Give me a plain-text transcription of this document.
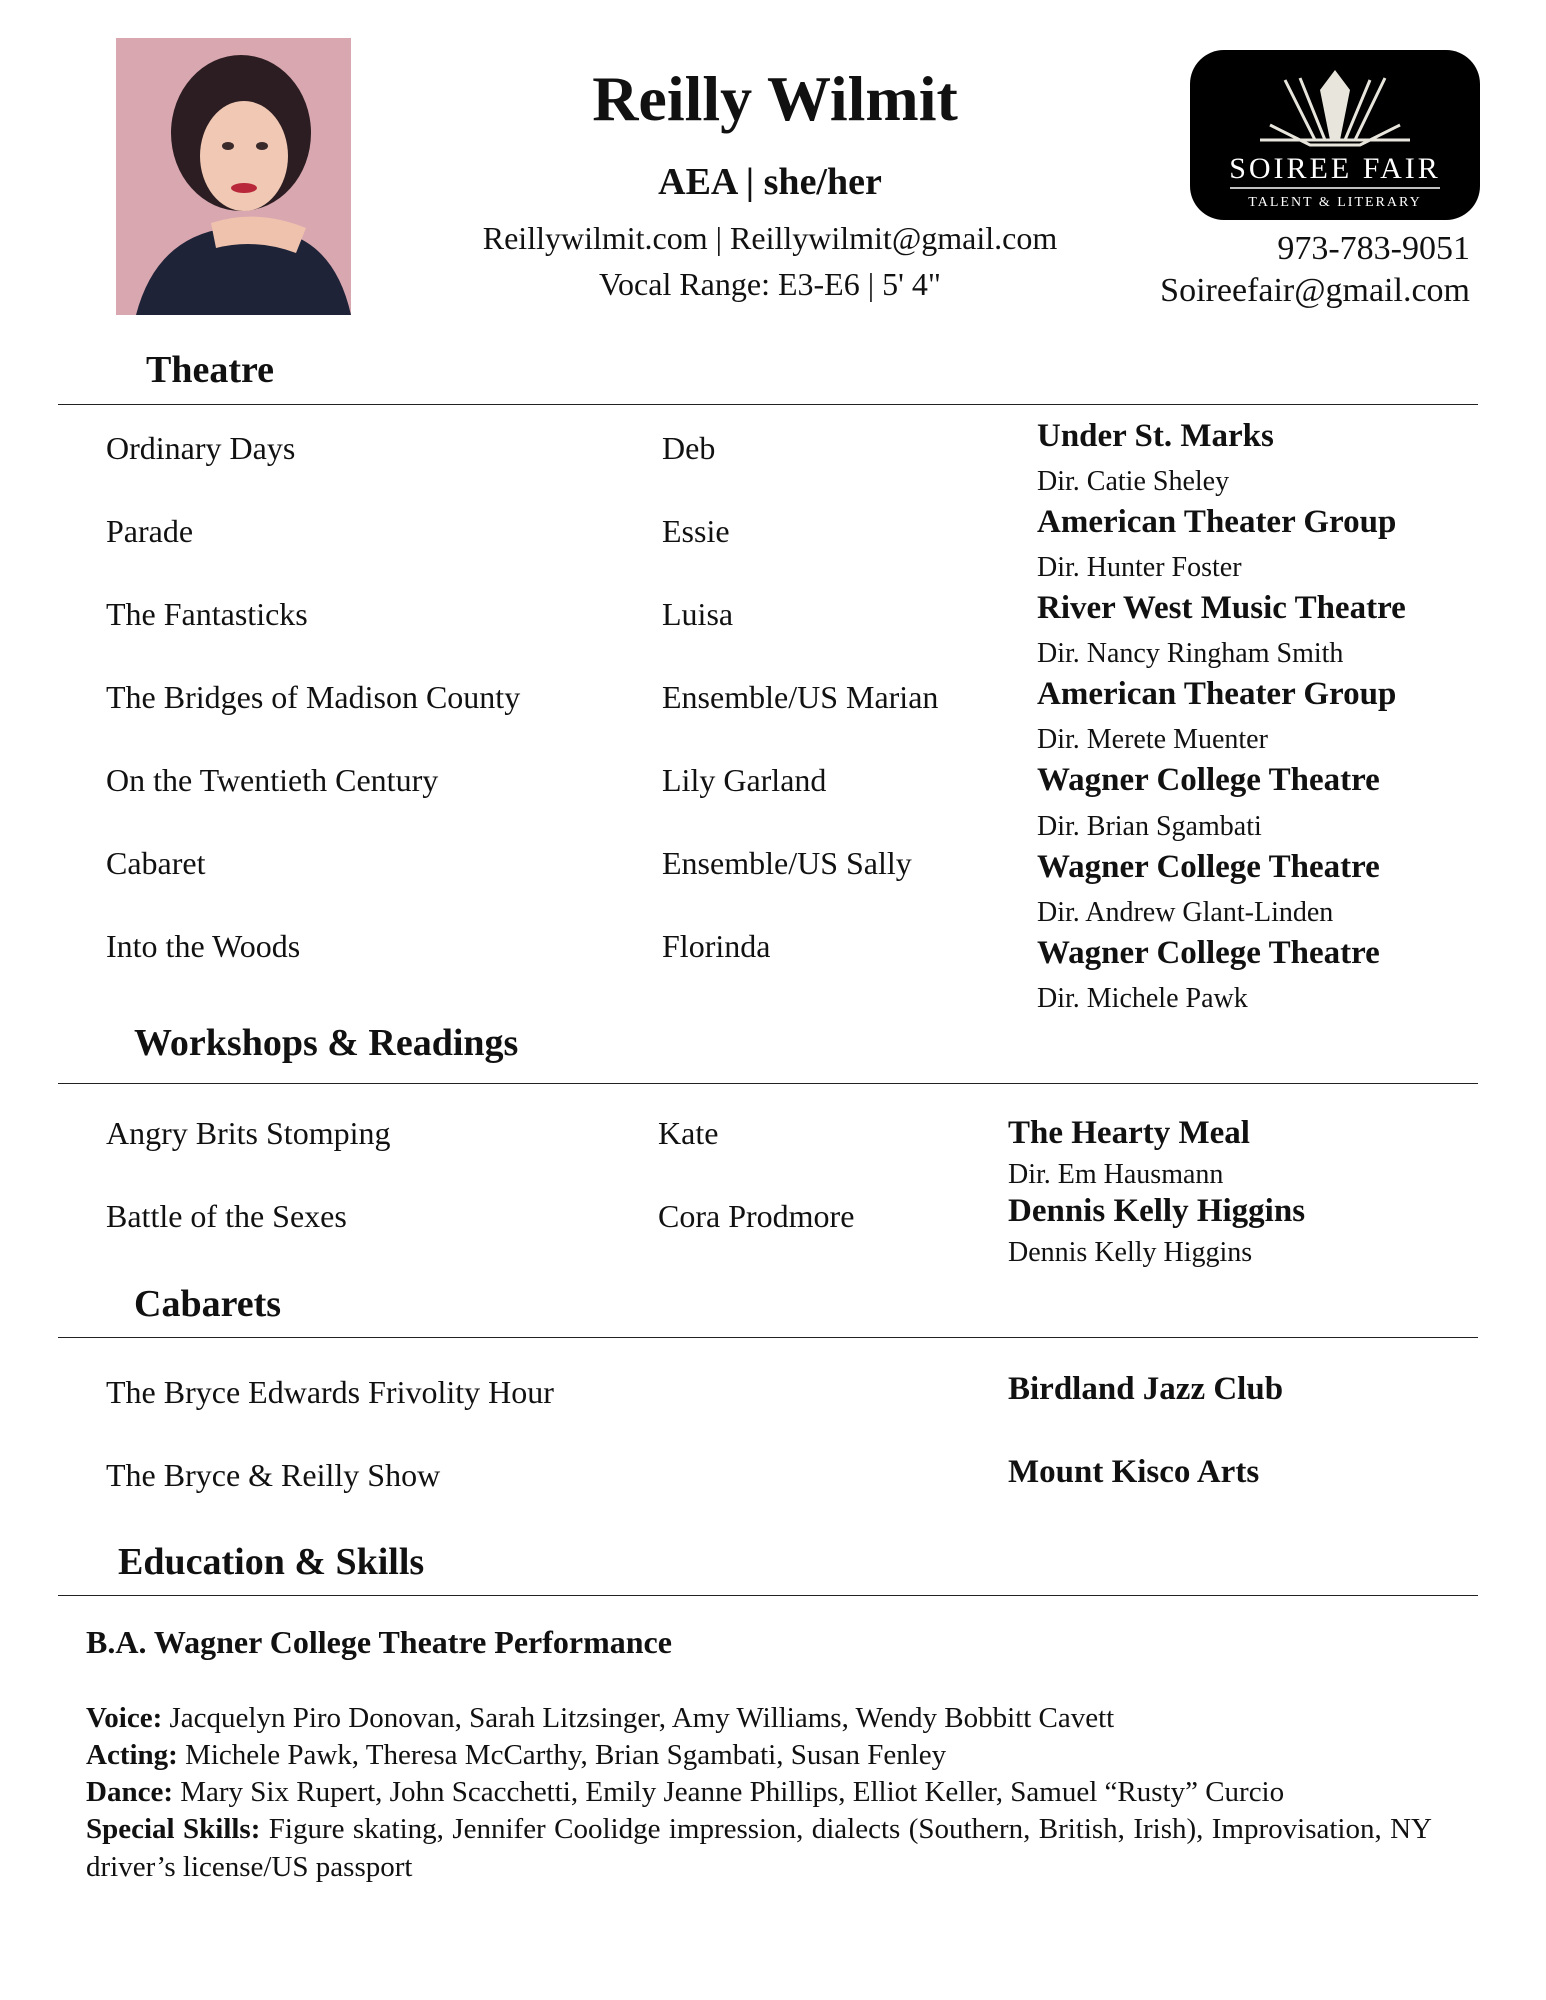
Reilly Wilmit
AEA | she/her
Reillywilmit.com | Reillywilmit@gmail.com
Vocal Range: E3-E6 | 5' 4"
SOIREE FAIR
TALENT & LITERARY
973-783-9051
Soireefair@gmail.com
Theatre
Ordinary Days	Deb	Under St. Marks
Dir. Catie Sheley
Parade	Essie	American Theater Group
Dir. Hunter Foster
The Fantasticks	Luisa	River West Music Theatre
Dir. Nancy Ringham Smith
The Bridges of Madison County	Ensemble/US Marian	American Theater Group
Dir. Merete Muenter
On the Twentieth Century	Lily Garland	Wagner College Theatre
Dir. Brian Sgambati
Cabaret	Ensemble/US Sally	Wagner College Theatre
Dir. Andrew Glant-Linden
Into the Woods	Florinda	Wagner College Theatre
Dir. Michele Pawk
Workshops & Readings
Angry Brits Stomping	Kate	The Hearty Meal
Dir. Em Hausmann
Battle of the Sexes	Cora Prodmore	Dennis Kelly Higgins
Dennis Kelly Higgins
Cabarets
The Bryce Edwards Frivolity Hour	Birdland Jazz Club
The Bryce & Reilly Show	Mount Kisco Arts
Education & Skills
B.A. Wagner College Theatre Performance
Voice: Jacquelyn Piro Donovan, Sarah Litzsinger, Amy Williams, Wendy Bobbitt Cavett
Acting: Michele Pawk, Theresa McCarthy, Brian Sgambati, Susan Fenley
Dance: Mary Six Rupert, John Scacchetti, Emily Jeanne Phillips, Elliot Keller, Samuel “Rusty” Curcio
Special Skills: Figure skating, Jennifer Coolidge impression, dialects (Southern, British, Irish), Improvisation, NY driver’s license/US passport
